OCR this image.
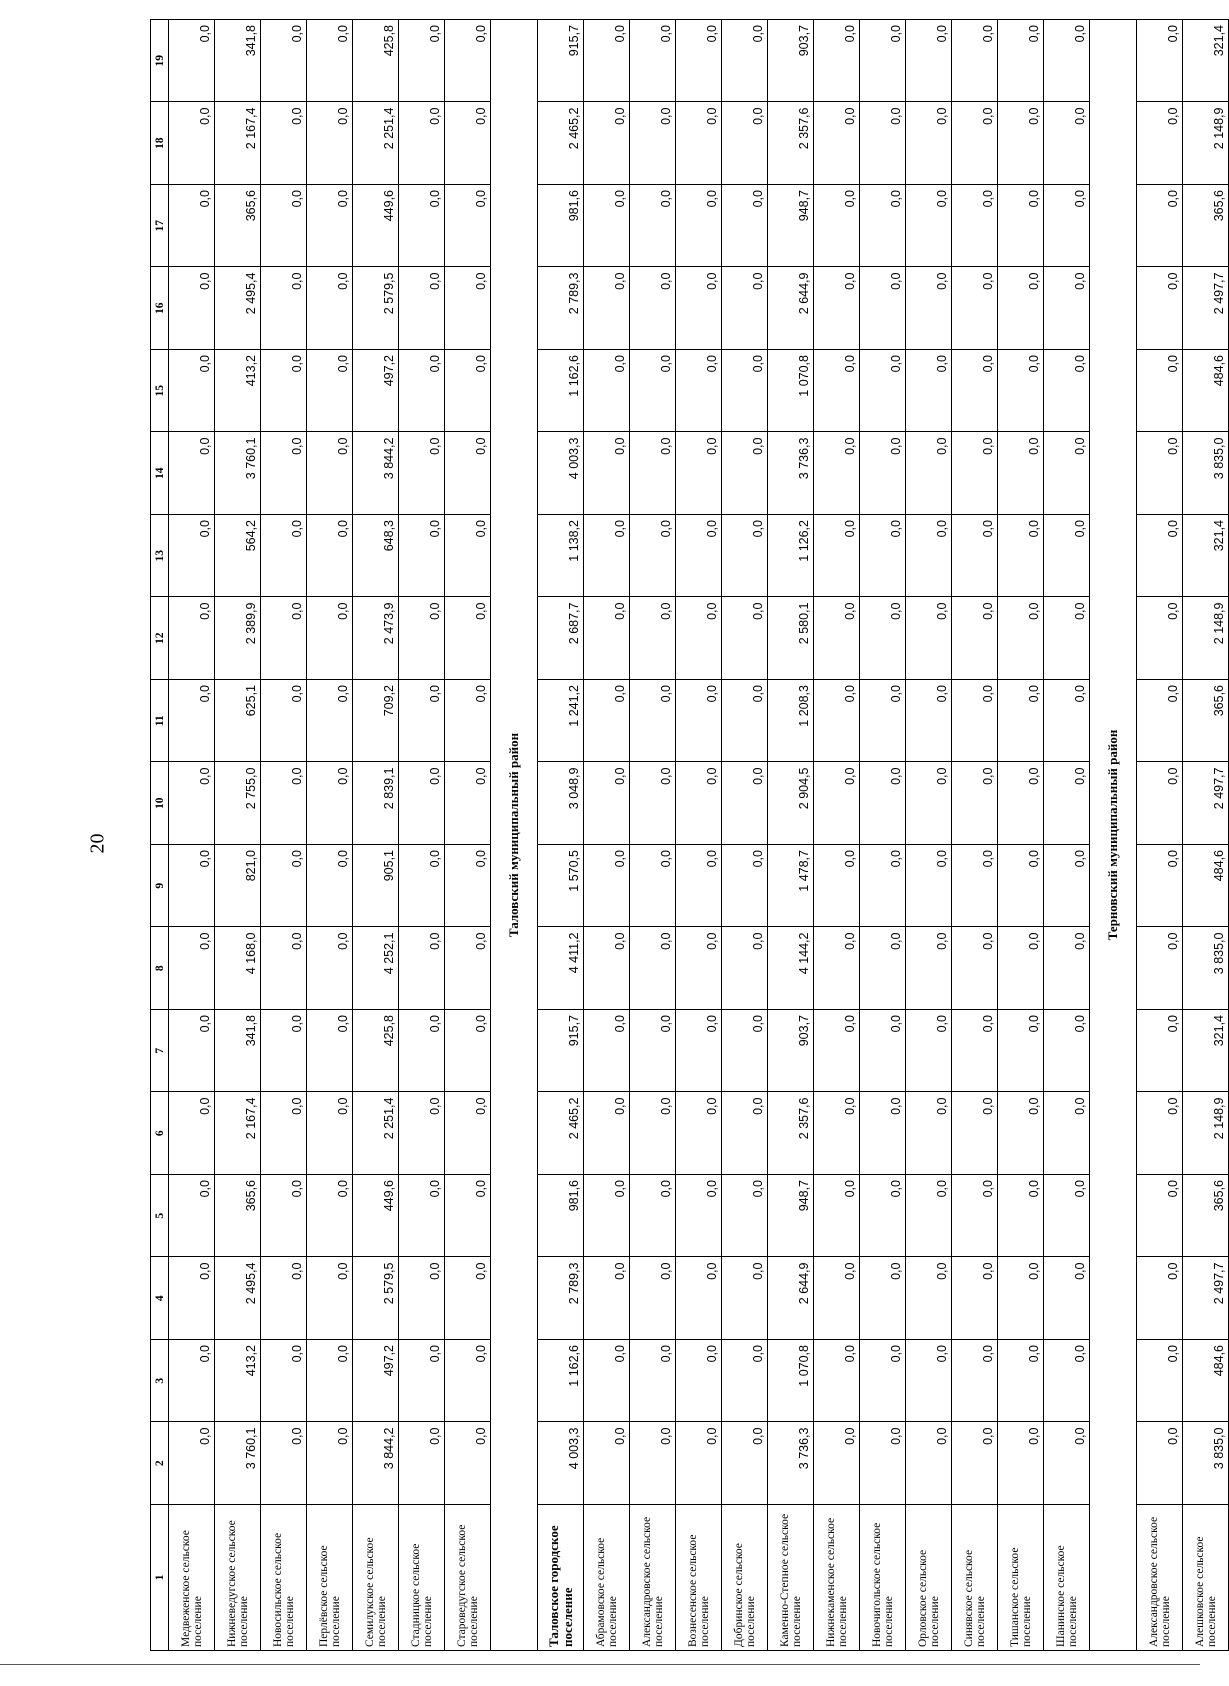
20
1	2	3	4	5	6	7	8	9	10	11	12	13	14	15	16	17	18	19
Медвеженское сельское поселение	0,0	0,0	0,0	0,0	0,0	0,0	0,0	0,0	0,0	0,0	0,0	0,0	0,0	0,0	0,0	0,0	0,0	0,0
Нижневедугское сельское поселение	3 760,1	413,2	2 495,4	365,6	2 167,4	341,8	4 168,0	821,0	2 755,0	625,1	2 389,9	564,2	3 760,1	413,2	2 495,4	365,6	2 167,4	341,8
Новосильское сельское поселение	0,0	0,0	0,0	0,0	0,0	0,0	0,0	0,0	0,0	0,0	0,0	0,0	0,0	0,0	0,0	0,0	0,0	0,0
Перлёвское сельское поселение	0,0	0,0	0,0	0,0	0,0	0,0	0,0	0,0	0,0	0,0	0,0	0,0	0,0	0,0	0,0	0,0	0,0	0,0
Семилукское сельское поселение	3 844,2	497,2	2 579,5	449,6	2 251,4	425,8	4 252,1	905,1	2 839,1	709,2	2 473,9	648,3	3 844,2	497,2	2 579,5	449,6	2 251,4	425,8
Стадницкое сельское поселение	0,0	0,0	0,0	0,0	0,0	0,0	0,0	0,0	0,0	0,0	0,0	0,0	0,0	0,0	0,0	0,0	0,0	0,0
Староведугское сельское поселение	0,0	0,0	0,0	0,0	0,0	0,0	0,0	0,0	0,0	0,0	0,0	0,0	0,0	0,0	0,0	0,0	0,0	0,0
Таловский муниципальный район																		
Таловское городское поселение	4 003,3	1 162,6	2 789,3	981,6	2 465,2	915,7	4 411,2	1 570,5	3 048,9	1 241,2	2 687,7	1 138,2	4 003,3	1 162,6	2 789,3	981,6	2 465,2	915,7
Абрамовское сельское поселение	0,0	0,0	0,0	0,0	0,0	0,0	0,0	0,0	0,0	0,0	0,0	0,0	0,0	0,0	0,0	0,0	0,0	0,0
Александровское сельское поселение	0,0	0,0	0,0	0,0	0,0	0,0	0,0	0,0	0,0	0,0	0,0	0,0	0,0	0,0	0,0	0,0	0,0	0,0
Вознесенское сельское поселение	0,0	0,0	0,0	0,0	0,0	0,0	0,0	0,0	0,0	0,0	0,0	0,0	0,0	0,0	0,0	0,0	0,0	0,0
Добринское сельское поселение	0,0	0,0	0,0	0,0	0,0	0,0	0,0	0,0	0,0	0,0	0,0	0,0	0,0	0,0	0,0	0,0	0,0	0,0
Каменно-Степное сельское поселение	3 736,3	1 070,8	2 644,9	948,7	2 357,6	903,7	4 144,2	1 478,7	2 904,5	1 208,3	2 580,1	1 126,2	3 736,3	1 070,8	2 644,9	948,7	2 357,6	903,7
Нижнекаменское сельское поселение	0,0	0,0	0,0	0,0	0,0	0,0	0,0	0,0	0,0	0,0	0,0	0,0	0,0	0,0	0,0	0,0	0,0	0,0
Новочигольское сельское поселение	0,0	0,0	0,0	0,0	0,0	0,0	0,0	0,0	0,0	0,0	0,0	0,0	0,0	0,0	0,0	0,0	0,0	0,0
Орловское сельское поселение	0,0	0,0	0,0	0,0	0,0	0,0	0,0	0,0	0,0	0,0	0,0	0,0	0,0	0,0	0,0	0,0	0,0	0,0
Синявское сельское поселение	0,0	0,0	0,0	0,0	0,0	0,0	0,0	0,0	0,0	0,0	0,0	0,0	0,0	0,0	0,0	0,0	0,0	0,0
Тишанское сельское поселение	0,0	0,0	0,0	0,0	0,0	0,0	0,0	0,0	0,0	0,0	0,0	0,0	0,0	0,0	0,0	0,0	0,0	0,0
Шанинское сельское поселение	0,0	0,0	0,0	0,0	0,0	0,0	0,0	0,0	0,0	0,0	0,0	0,0	0,0	0,0	0,0	0,0	0,0	0,0
Терновский муниципальный район																		
Александровское сельское поселение	0,0	0,0	0,0	0,0	0,0	0,0	0,0	0,0	0,0	0,0	0,0	0,0	0,0	0,0	0,0	0,0	0,0	0,0
Алешковское сельское поселение	3 835,0	484,6	2 497,7	365,6	2 148,9	321,4	3 835,0	484,6	2 497,7	365,6	2 148,9	321,4	3 835,0	484,6	2 497,7	365,6	2 148,9	321,4
